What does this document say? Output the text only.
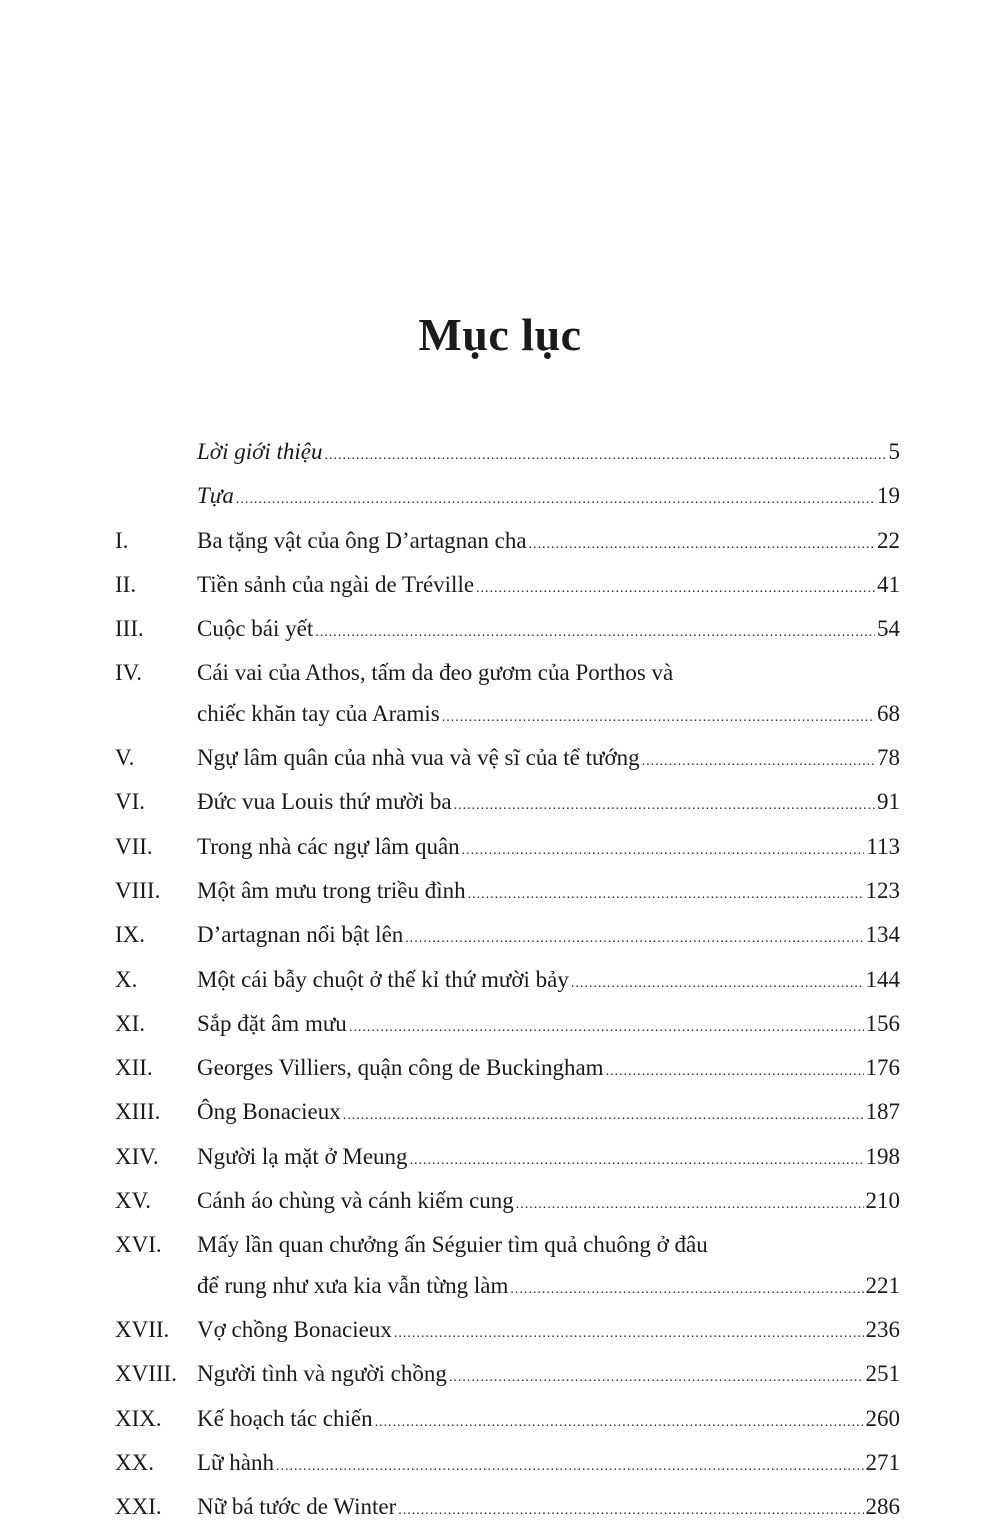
Mục lục
Lời giới thiệu .....	5
Tựa .....	19
I.	Ba tặng vật của ông D’artagnan cha .....	22
II.	Tiền sảnh của ngài de Tréville .....	41
III.	Cuộc bái yết .....	54
IV.	Cái vai của Athos, tấm da đeo gươm của Porthos và
chiếc khăn tay của Aramis .....	68
V.	Ngự lâm quân của nhà vua và vệ sĩ của tể tướng .....	78
VI.	Đức vua Louis thứ mười ba .....	91
VII.	Trong nhà các ngự lâm quân .....	113
VIII.	Một âm mưu trong triều đình .....	123
IX.	D’artagnan nổi bật lên .....	134
X.	Một cái bẫy chuột ở thế kỉ thứ mười bảy .....	144
XI.	Sắp đặt âm mưu .....	156
XII.	Georges Villiers, quận công de Buckingham .....	176
XIII.	Ông Bonacieux .....	187
XIV.	Người lạ mặt ở Meung .....	198
XV.	Cánh áo chùng và cánh kiếm cung .....	210
XVI.	Mấy lần quan chưởng ấn Séguier tìm quả chuông ở đâu
để rung như xưa kia vẫn từng làm .....	221
XVII.	Vợ chồng Bonacieux .....	236
XVIII. Người tình và người chồng .....	251
XIX.	Kế hoạch tác chiến .....	260
XX.	Lữ hành .....	271
XXI.	Nữ bá tước de Winter .....	286
